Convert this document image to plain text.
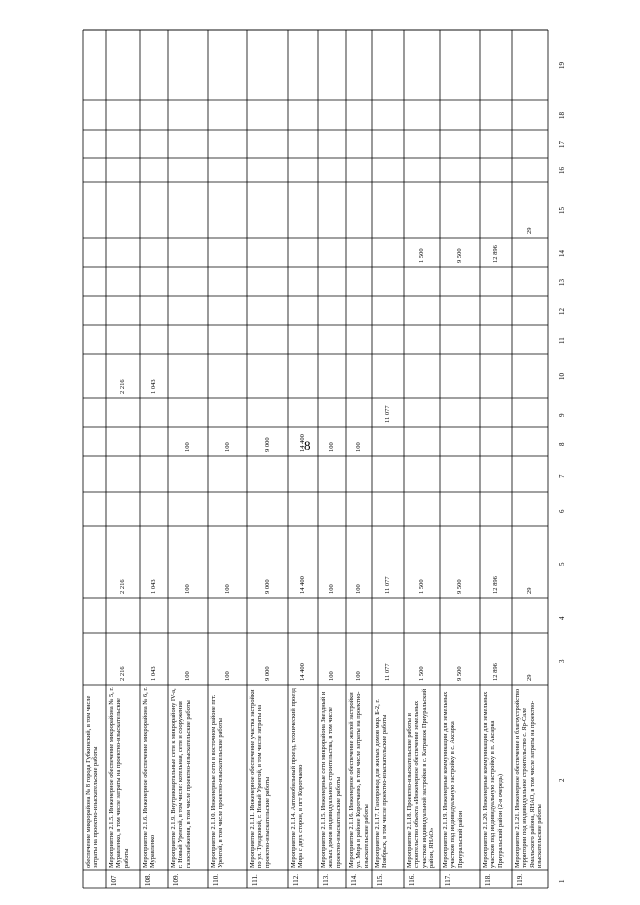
8
1
2
3
4
5
6
7
8
9
10
11
12
13
14
15
16
17
18
19
обеспечение микрорайона № 8 города Губкинский, в том числе затраты на проектно-изыскательские работы
107
Мероприятие 2.1.5. Инженерное обеспечение микрорайона № 5, г. Муравленко, в том числе затраты на проектно-изыскательские работы
2 216
2 216
2 216
108.
Мероприятие 2.1.6. Инженерное обеспечение микрорайона № 6, г. Муравленко
1 043
1 043
1 043
109.
Мероприятие 2.1.9. Внутриквартальные сети к микрорайону IV-а, г. Новый Уренгой, в том числе: котельная, сети и сооружения газоснабжения, в том числе проектно-изыскательские работы
100
100
100
110.
Мероприятие 2.1.10. Инженерные сети в восточном районе пгт. Уренгой, в том числе проектно-изыскательские работы
100
100
100
111.
Мероприятие 2.1.11. Инженерное обеспечение участка застройки по ул. Тундровой, г. Новый Уренгой, в том числе затраты на проектно-изыскательские работы
9 000
9 000
9 000
112.
Мероприятие 2.1.14. Автомобильный проезд, технический проезд Мира с двух сторон, в пгт Коротчаево
14 400
14 400
14 400
113.
Мероприятие 2.1.15. Инженерные сети микрорайона Звездный и жилых домов индивидуального строительства, в том числе проектно-изыскательские работы
100
100
100
114.
Мероприятие 2.1.16. Инженерное обеспечение жилой застройки ул. Мира в районе Коротчаево, в том числе затраты на проектно-изыскательские работы
100
100
100
115.
Мероприятие 2.1.17. Газопровод для жилых домов мкр. Б-2, г. Ноябрьск, в том числе проектно-изыскательские работы
11 077
11 077
11 077
116.
Мероприятие 2.1.18. Проектно-изыскательские работы и строительство объекта «Инженерное обеспечение земельных участков индивидуальной застройки в с. Катравож Приуральский район, ЯНАО»
1 500
1 500
1 500
117.
Мероприятие 2.1.19. Инженерные коммуникации для земельных участков под индивидуальную застройку в с. Аксарка Приуральский район
9 500
9 500
9 500
118.
Мероприятие 2.1.20. Инженерные коммуникации для земельных участков под индивидуальную застройку в п. Аксарка Приуральский район (2-я очередь)
12 896
12 896
12 896
119.
Мероприятие 2.1.21. Инженерное обеспечение и благоустройство территории под индивидуальное строительство с. Яр-Сале Ямальского района, ЯНАО, в том числе затраты на проектно-изыскательские работы
29
29
29
